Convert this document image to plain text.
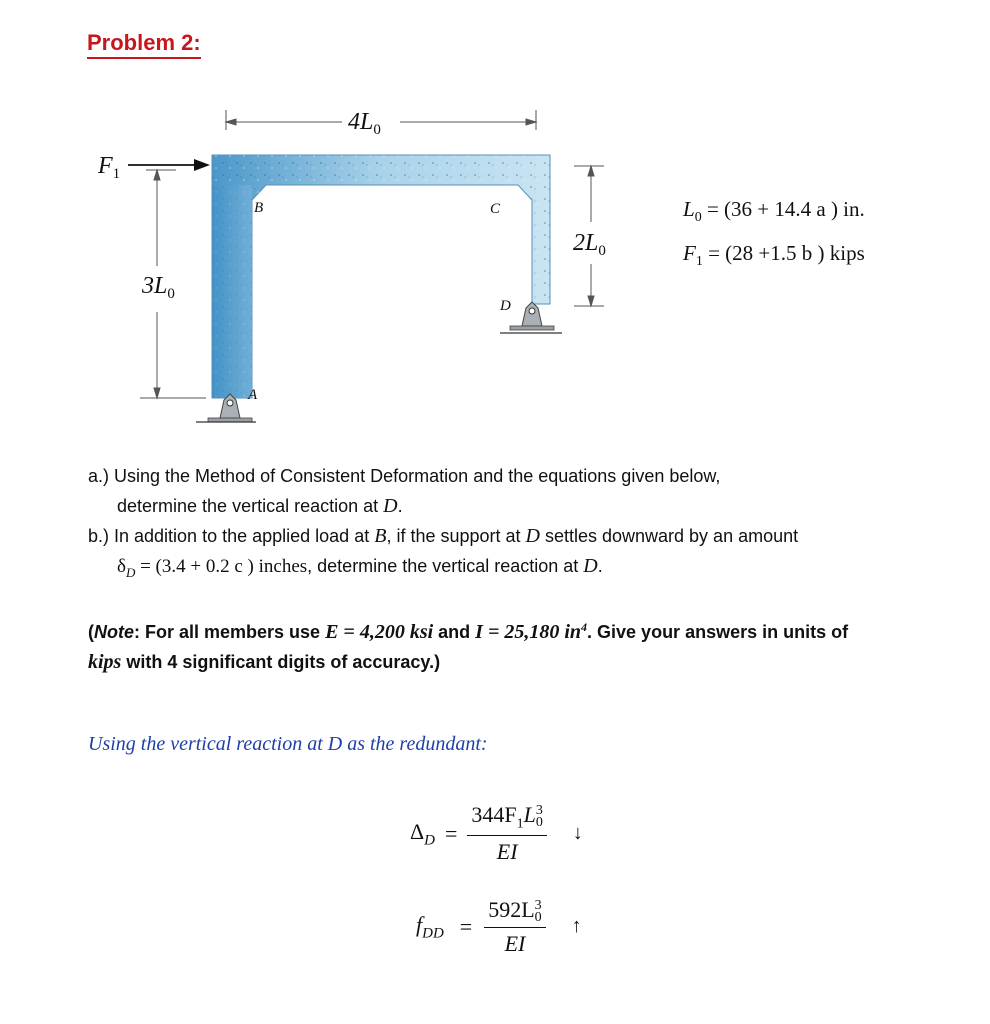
Problem 2:
$4L_0$
$3L_0$
$2L_0$
$F_1$
B	C
D
A
$L_0 = (36 + 14.4$ a ) in.
$F_1 = (28 +1.5$ b ) kips
a.) Using the Method of Consistent Deformation and the equations given below,
determine the vertical reaction at D.
b.) In addition to the applied load at B, if the support at D settles downward by an amount
$\delta_D = (3.4 + 0.2$ c ) inches, determine the vertical reaction at D.
(Note: For all members use E = 4,200 ksi and I = 25,180 $in^4$. Give your answers in units of
kips with 4 significant digits of accuracy.)
Using the vertical reaction at D as the redundant:
$\Delta_D = 344F_1L$ 3
0
EI ↓
$f_{DD} = 592L$ 3
0
EI ↑
